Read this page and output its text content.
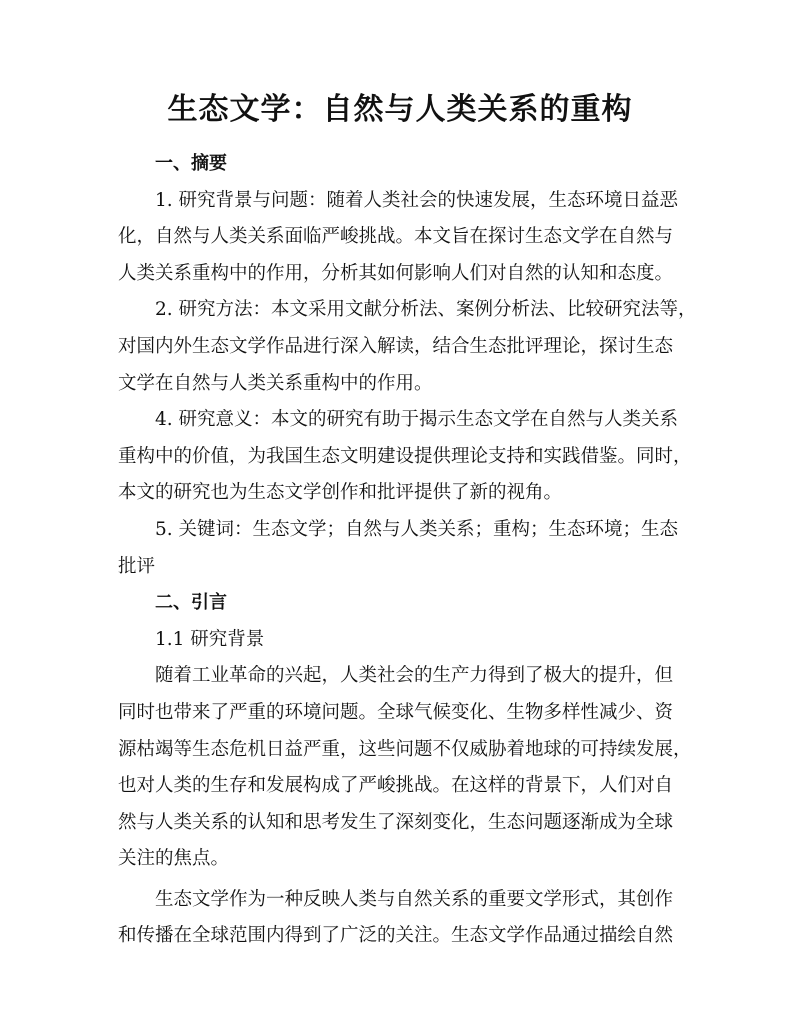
生态文学：自然与人类关系的重构
一、摘要
1. 研究背景与问题：随着人类社会的快速发展，生态环境日益恶
化，自然与人类关系面临严峻挑战。本文旨在探讨生态文学在自然与
人类关系重构中的作用，分析其如何影响人们对自然的认知和态度。
2. 研究方法：本文采用文献分析法、案例分析法、比较研究法等，
对国内外生态文学作品进行深入解读，结合生态批评理论，探讨生态
文学在自然与人类关系重构中的作用。
4. 研究意义：本文的研究有助于揭示生态文学在自然与人类关系
重构中的价值，为我国生态文明建设提供理论支持和实践借鉴。同时，
本文的研究也为生态文学创作和批评提供了新的视角。
5. 关键词：生态文学；自然与人类关系；重构；生态环境；生态
批评
二、引言
1.1 研究背景
随着工业革命的兴起，人类社会的生产力得到了极大的提升，但
同时也带来了严重的环境问题。全球气候变化、生物多样性减少、资
源枯竭等生态危机日益严重，这些问题不仅威胁着地球的可持续发展，
也对人类的生存和发展构成了严峻挑战。在这样的背景下，人们对自
然与人类关系的认知和思考发生了深刻变化，生态问题逐渐成为全球
关注的焦点。
生态文学作为一种反映人类与自然关系的重要文学形式，其创作
和传播在全球范围内得到了广泛的关注。生态文学作品通过描绘自然
